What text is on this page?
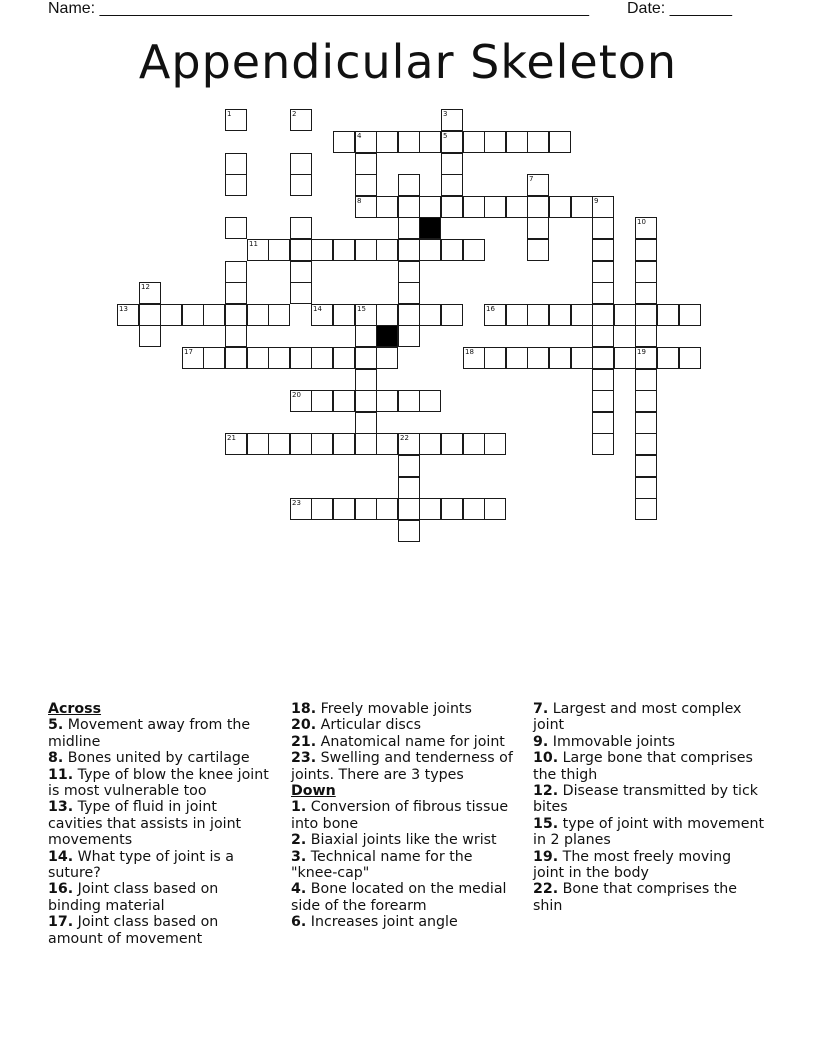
Name: _______________________________________________________ Date: _______
Appendicular Skeleton
4	5
8	9
11
13	14	15	16
17	18	19
20
21	22
23
1	2	3
7
10
12
Across
5. Movement away from the midline
8. Bones united by cartilage
11. Type of blow the knee joint is most vulnerable too
13. Type of fluid in joint cavities that assists in joint movements
14. What type of joint is a suture?
16. Joint class based on binding material
17. Joint class based on amount of movement
18. Freely movable joints
20. Articular discs
21. Anatomical name for joint
23. Swelling and tenderness of joints. There are 3 types
Down
1. Conversion of fibrous tissue into bone
2. Biaxial joints like the wrist
3. Technical name for the "knee-cap"
4. Bone located on the medial side of the forearm
6. Increases joint angle
7. Largest and most complex joint
9. Immovable joints
10. Large bone that comprises the thigh
12. Disease transmitted by tick bites
15. type of joint with movement in 2 planes
19. The most freely moving joint in the body
22. Bone that comprises the shin
